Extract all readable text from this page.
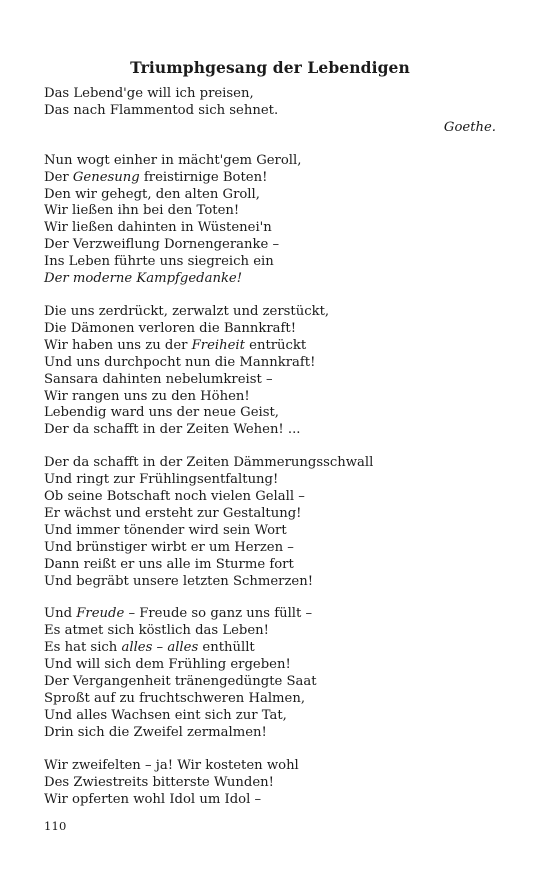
Triumphgesang der Lebendigen
Das Lebend'ge will ich preisen,
Das nach Flammentod sich sehnet.
Goethe.
Nun wogt einher in mächt'gem Geroll,
Der Genesung freistirnige Boten!
Den wir gehegt, den alten Groll,
Wir ließen ihn bei den Toten!
Wir ließen dahinten in Wüstenei'n
Der Verzweiflung Dornengeranke –
Ins Leben führte uns siegreich ein
Der moderne Kampfgedanke!
Die uns zerdrückt, zerwalzt und zerstückt,
Die Dämonen verloren die Bannkraft!
Wir haben uns zu der Freiheit entrückt
Und uns durchpocht nun die Mannkraft!
Sansara dahinten nebelumkreist –
Wir rangen uns zu den Höhen!
Lebendig ward uns der neue Geist,
Der da schafft in der Zeiten Wehen! ...
Der da schafft in der Zeiten Dämmerungsschwall
Und ringt zur Frühlingsentfaltung!
Ob seine Botschaft noch vielen Gelall –
Er wächst und ersteht zur Gestaltung!
Und immer tönender wird sein Wort
Und brünstiger wirbt er um Herzen –
Dann reißt er uns alle im Sturme fort
Und begräbt unsere letzten Schmerzen!
Und Freude – Freude so ganz uns füllt –
Es atmet sich köstlich das Leben!
Es hat sich alles – alles enthüllt
Und will sich dem Frühling ergeben!
Der Vergangenheit tränengedüngte Saat
Sproßt auf zu fruchtschweren Halmen,
Und alles Wachsen eint sich zur Tat,
Drin sich die Zweifel zermalmen!
Wir zweifelten – ja! Wir kosteten wohl
Des Zwiestreits bitterste Wunden!
Wir opferten wohl Idol um Idol –
110
